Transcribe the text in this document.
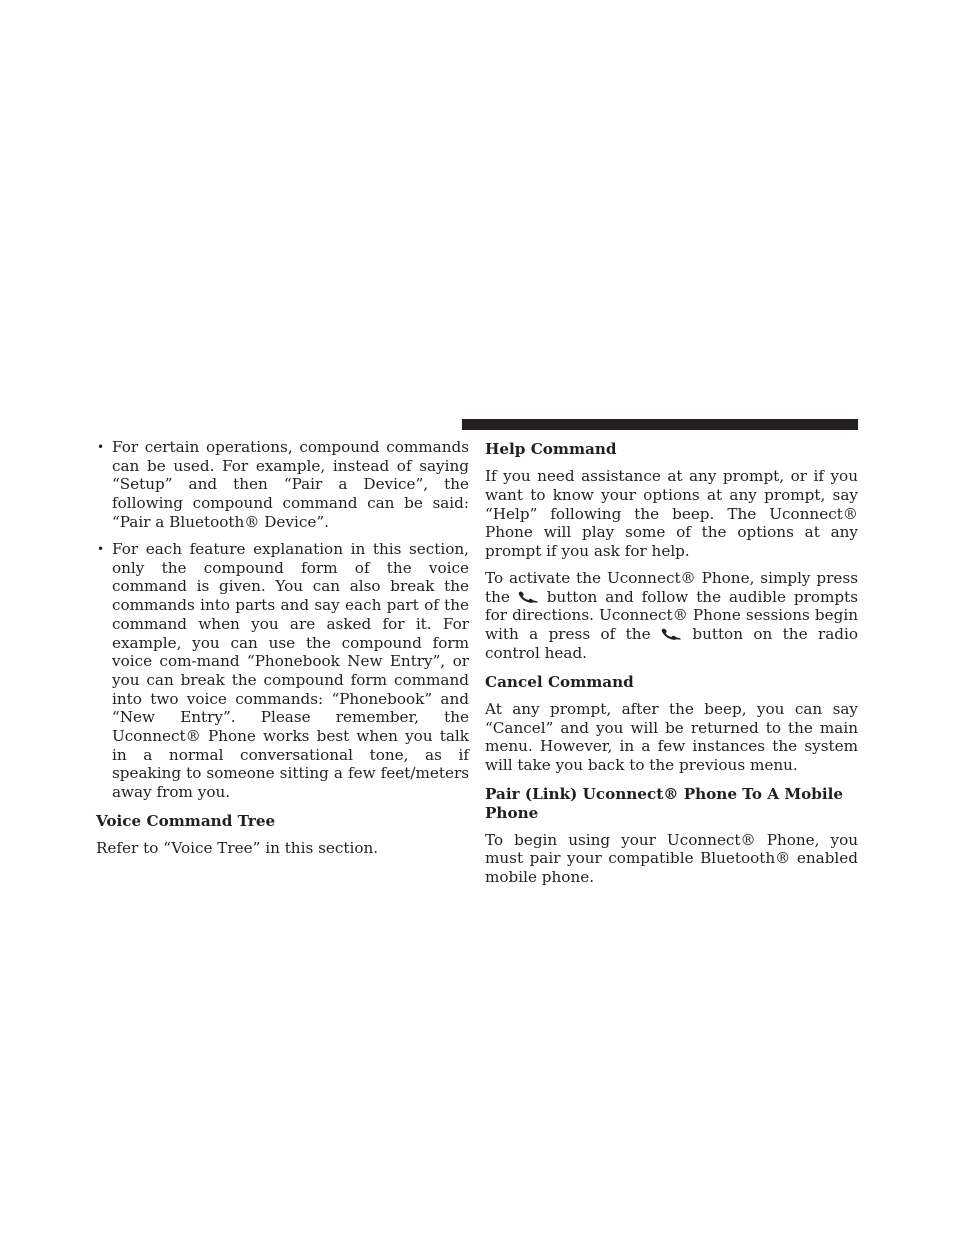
• For certain operations, compound commands can be used. For example, instead of saying “Setup” and then “Pair a Device”, the following compound command can be said: “Pair a Bluetooth® Device”.
• For each feature explanation in this section, only the compound form of the voice command is given. You can also break the commands into parts and say each part of the command when you are asked for it. For example, you can use the compound form voice com-mand “Phonebook New Entry”, or you can break the compound form command into two voice commands: “Phonebook” and “New Entry”. Please remember, the Uconnect® Phone works best when you talk in a normal conversational tone, as if speaking to someone sitting a few feet/meters away from you.
Voice Command Tree

Refer to “Voice Tree” in this section.

Help Command

If you need assistance at any prompt, or if you want to know your options at any prompt, say “Help” following the beep. The Uconnect® Phone will play some of the options at any prompt if you ask for help.

To activate the Uconnect® Phone, simply press the button and follow the audible prompts for directions. Uconnect® Phone sessions begin with a press of the	button on the radio control head.

Cancel Command

At any prompt, after the beep, you can say “Cancel” and you will be returned to the main menu. However, in a few instances the system will take you back to the previous menu.

Pair (Link) Uconnect® Phone To A Mobile Phone

To begin using your Uconnect® Phone, you must pair your compatible Bluetooth® enabled mobile phone.
